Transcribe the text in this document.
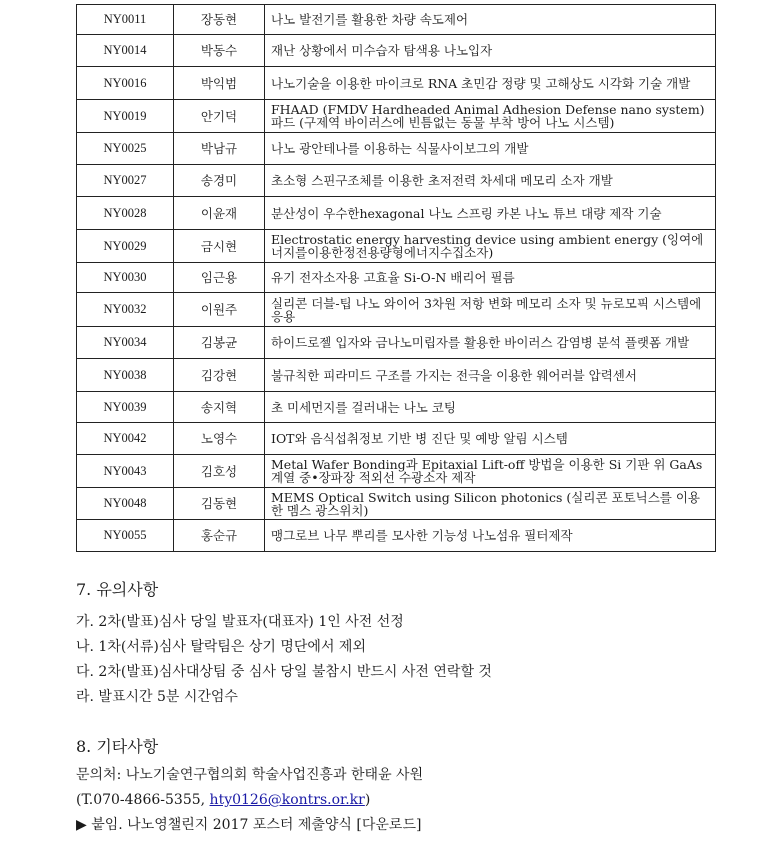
NY0011	장동현	나노 발전기를 활용한 차량 속도제어
NY0014	박동수	재난 상황에서 미수습자 탐색용 나노입자
NY0016	박익범	나노기술을 이용한 마이크로 RNA 초민감 정량 및 고해상도 시각화 기술 개발
NY0019	안기덕	FHAAD (FMDV Hardheaded Animal Adhesion Defense nano system) 파드 (구제역 바이러스에 빈틈없는 동물 부착 방어 나노 시스템)
NY0025	박남규	나노 광안테나를 이용하는 식물사이보그의 개발
NY0027	송경미	초소형 스핀구조체를 이용한 초저전력 차세대 메모리 소자 개발
NY0028	이윤재	분산성이 우수한hexagonal 나노 스프링 카본 나노 튜브 대량 제작 기술
NY0029	금시현	Electrostatic energy harvesting device using ambient energy (잉여에너지를이용한정전용량형에너지수집소자)
NY0030	임근용	유기 전자소자용 고효율 Si-O-N 배리어 필름
NY0032	이원주	실리콘 더블-팁 나노 와이어 3차원 저항 변화 메모리 소자 및 뉴로모픽 시스템에 응용
NY0034	김봉균	하이드로젤 입자와 금나노미립자를 활용한 바이러스 감염병 분석 플랫폼 개발
NY0038	김강현	불규칙한 피라미드 구조를 가지는 전극을 이용한 웨어러블 압력센서
NY0039	송지혁	초 미세먼지를 걸러내는 나노 코팅
NY0042	노영수	IOT와 음식섭취정보 기반 병 진단 및 예방 알림 시스템
NY0043	김호성	Metal Wafer Bonding과 Epitaxial Lift-off 방법을 이용한 Si 기판 위 GaAs 계열 중•장파장 적외선 수광소자 제작
NY0048	김동현	MEMS Optical Switch using Silicon photonics (실리콘 포토닉스를 이용한 멤스 광스위치)
NY0055	홍순규	맹그로브 나무 뿌리를 모사한 기능성 나노섬유 필터제작
7. 유의사항
가. 2차(발표)심사 당일 발표자(대표자) 1인 사전 선정
나. 1차(서류)심사 탈락팀은 상기 명단에서 제외
다. 2차(발표)심사대상팀 중 심사 당일 불참시 반드시 사전 연락할 것
라. 발표시간 5분 시간엄수
8. 기타사항
문의처: 나노기술연구협의회 학술사업진흥과 한태윤 사원
(T.070-4866-5355, hty0126@kontrs.or.kr)
▶ 붙임. 나노영챌린지 2017 포스터 제출양식 [다운로드]
